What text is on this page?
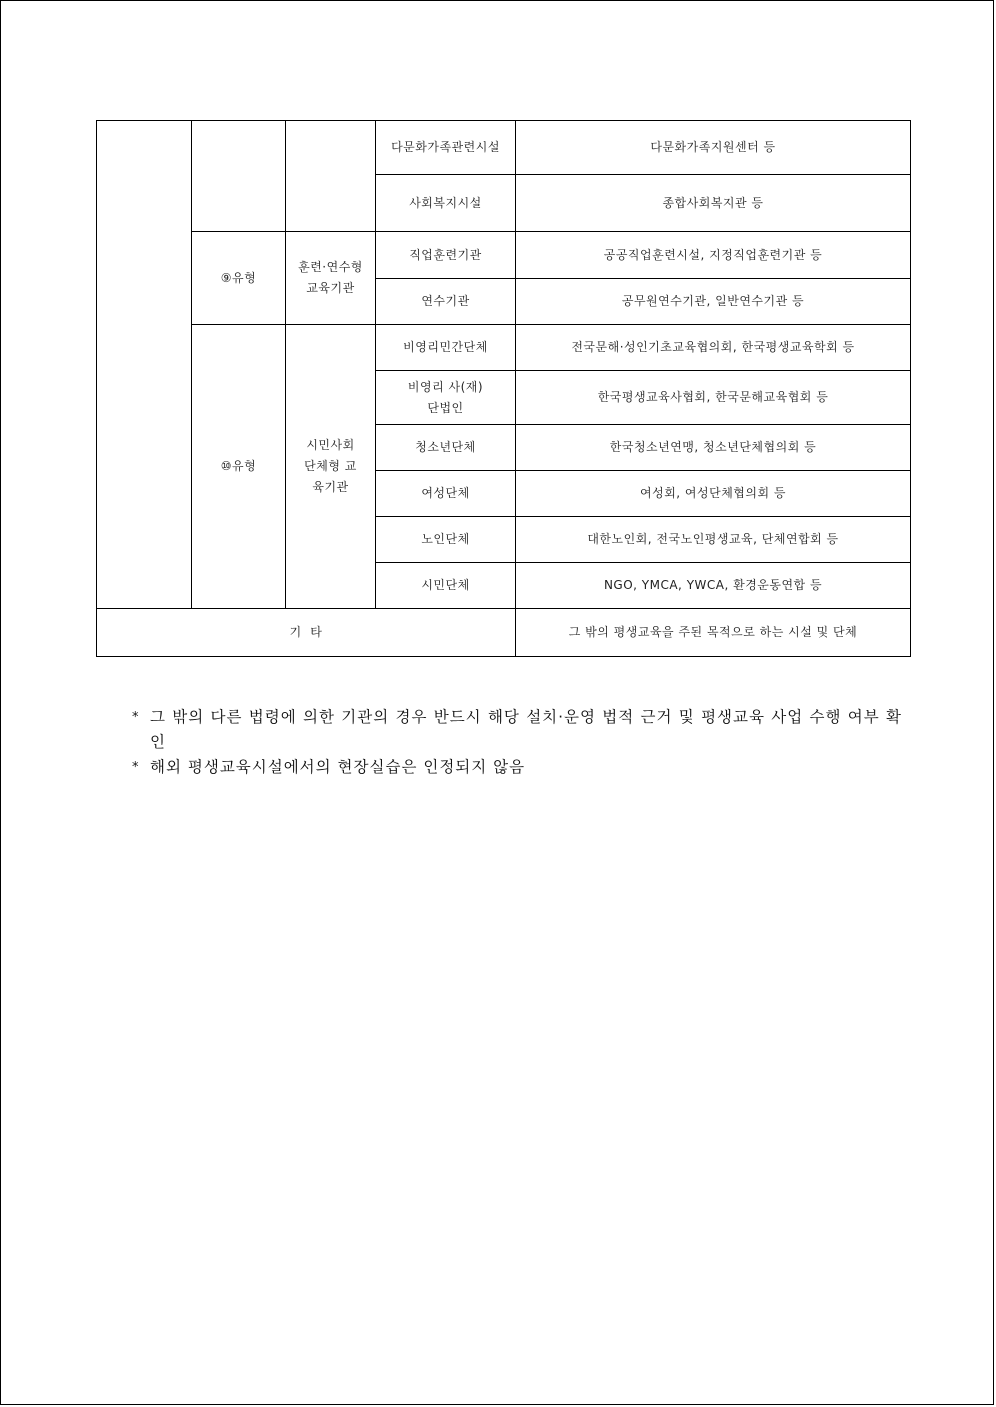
			다문화가족관련시설	다문화가족지원센터 등
			사회복지시설	종합사회복지관 등
	⑨유형	훈련·연수형 교육기관	직업훈련기관	공공직업훈련시설, 지정직업훈련기관 등
			연수기관	공무원연수기관, 일반연수기관 등
	⑩유형	시민사회 단체형 교육기관	비영리민간단체	전국문해·성인기초교육협의회, 한국평생교육학회 등
			비영리 사(재)단법인	한국평생교육사협회, 한국문해교육협회 등
			청소년단체	한국청소년연맹, 청소년단체협의회 등
			여성단체	여성회, 여성단체협의회 등
			노인단체	대한노인회, 전국노인평생교육, 단체연합회 등
			시민단체	NGO, YMCA, YWCA, 환경운동연합 등
기  타				그 밖의 평생교육을 주된 목적으로 하는 시설 및 단체
* 그 밖의 다른 법령에 의한 기관의 경우 반드시 해당 설치·운영 법적 근거 및 평생교육 사업 수행 여부 확인
* 해외 평생교육시설에서의 현장실습은 인정되지 않음
